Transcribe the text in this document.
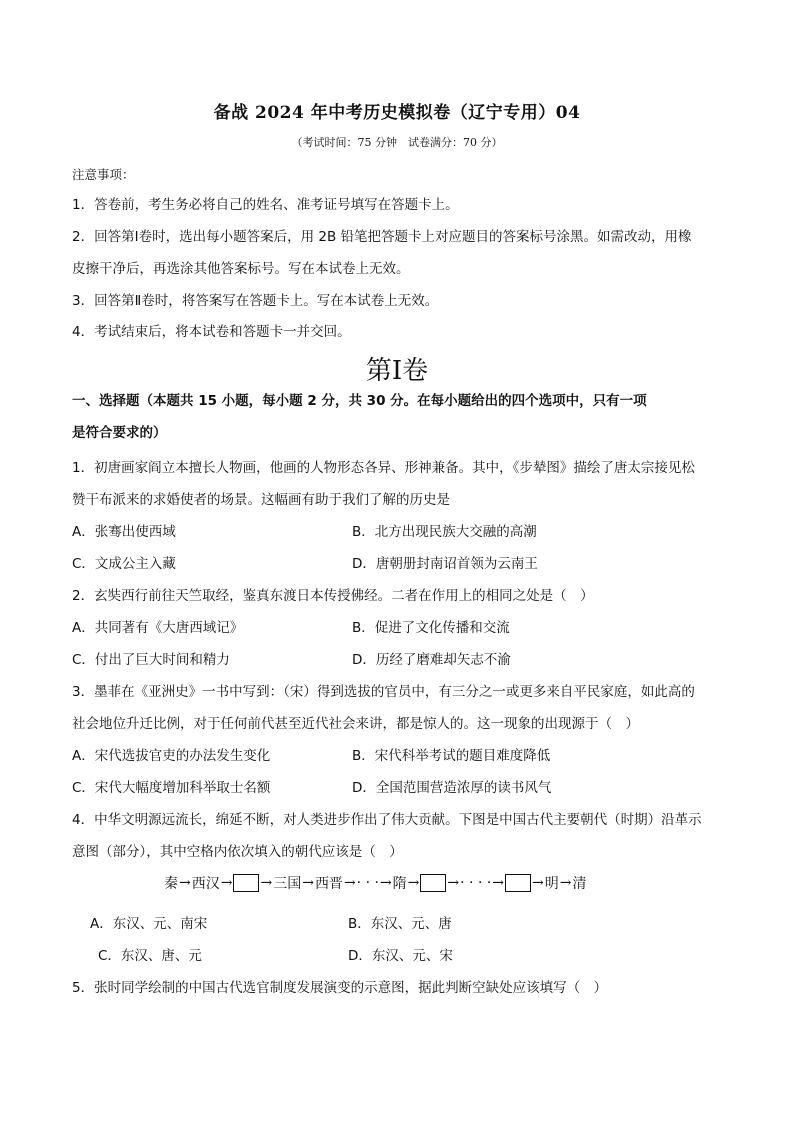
备战 2024 年中考历史模拟卷（辽宁专用）04
（考试时间：75 分钟　试卷满分：70 分）
注意事项：
1．答卷前，考生务必将自己的姓名、准考证号填写在答题卡上。
2．回答第Ⅰ卷时，选出每小题答案后，用 2B 铅笔把答题卡上对应题目的答案标号涂黑。如需改动，用橡
皮擦干净后，再选涂其他答案标号。写在本试卷上无效。
3．回答第Ⅱ卷时，将答案写在答题卡上。写在本试卷上无效。
4．考试结束后，将本试卷和答题卡一并交回。
第Ⅰ卷
一、选择题（本题共 15 小题，每小题 2 分，共 30 分。在每小题给出的四个选项中，只有一项
是符合要求的）
1．初唐画家阎立本擅长人物画，他画的人物形态各异、形神兼备。其中，《步辇图》描绘了唐太宗接见松
赞干布派来的求婚使者的场景。这幅画有助于我们了解的历史是
A．张骞出使西域	B．北方出现民族大交融的高潮
C．文成公主入藏	D．唐朝册封南诏首领为云南王
2．玄奘西行前往天竺取经，鉴真东渡日本传授佛经。二者在作用上的相同之处是（　）
A．共同著有《大唐西域记》	B．促进了文化传播和交流
C．付出了巨大时间和精力	D．历经了磨难却矢志不渝
3．墨菲在《亚洲史》一书中写到：（宋）得到选拔的官员中，有三分之一或更多来自平民家庭，如此高的
社会地位升迁比例，对于任何前代甚至近代社会来讲，都是惊人的。这一现象的出现源于（　）
A．宋代选拔官吏的办法发生变化	B．宋代科举考试的题目难度降低
C．宋代大幅度增加科举取士名额	D．全国范围营造浓厚的读书风气
4．中华文明源远流长，绵延不断，对人类进步作出了伟大贡献。下图是中国古代主要朝代（时期）沿革示
意图（部分），其中空格内依次填入的朝代应该是（　）
秦 → 西汉 → → 三国 → 西晋 → · · · → 隋 → → · · · · → → 明 → 清
A．东汉、元、南宋	B．东汉、元、唐
C．东汉、唐、元	D．东汉、元、宋
5．张时同学绘制的中国古代选官制度发展演变的示意图，据此判断空缺处应该填写（　）
